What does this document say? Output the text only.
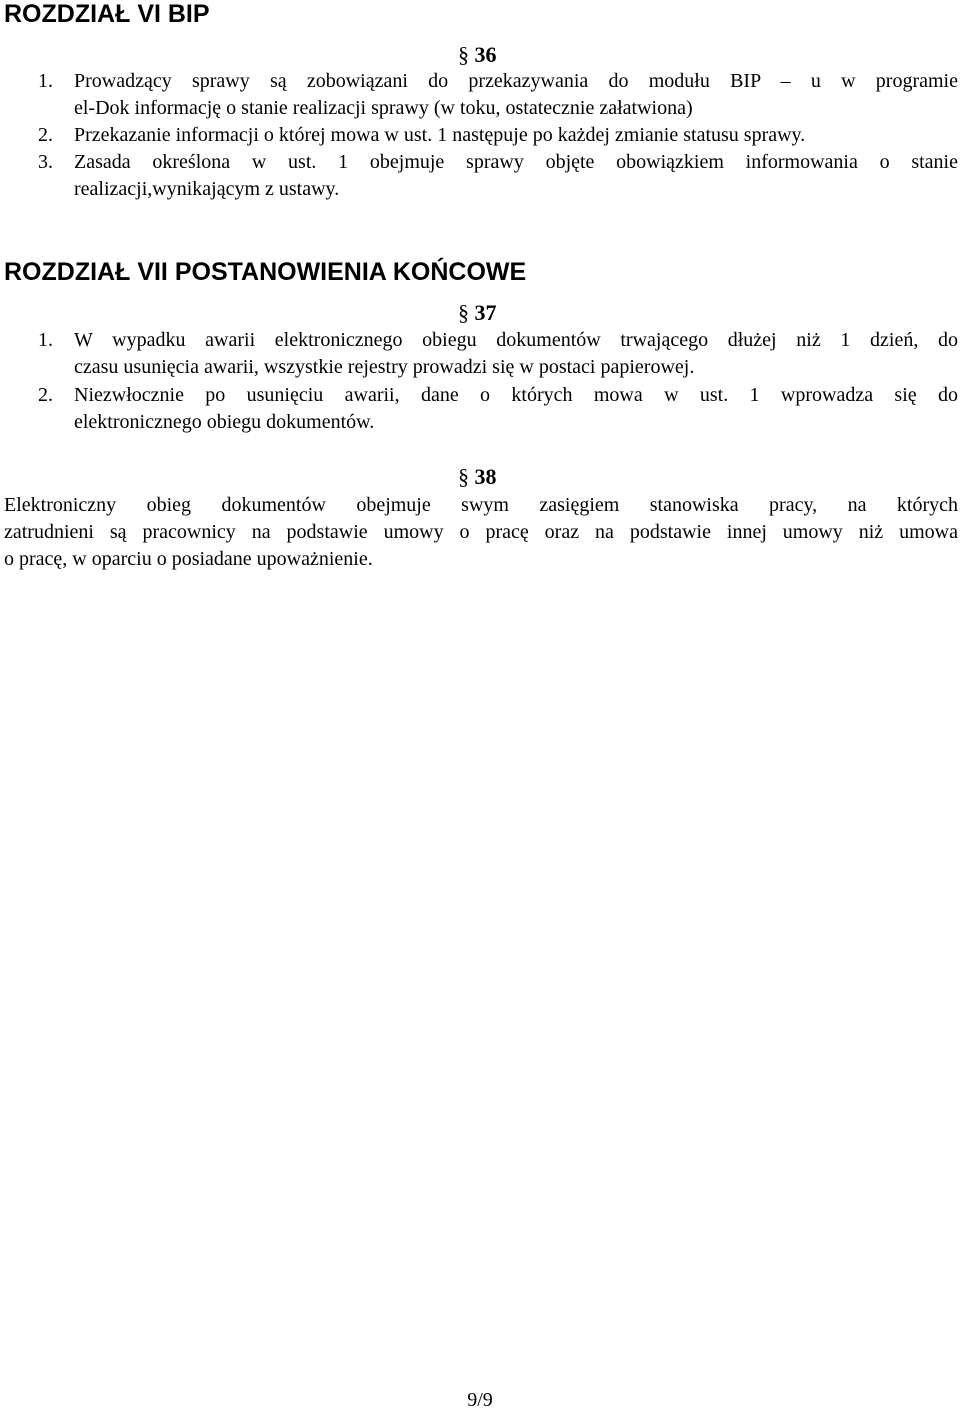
ROZDZIAŁ VI BIP
§ 36
1. Prowadzący sprawy są zobowiązani do przekazywania do modułu BIP – u w programie
el-Dok informację o stanie realizacji sprawy (w toku, ostatecznie załatwiona)
2. Przekazanie informacji o której mowa w ust. 1 następuje po każdej zmianie statusu sprawy.
3. Zasada określona w ust. 1 obejmuje sprawy objęte obowiązkiem informowania o stanie
realizacji,wynikającym z ustawy.
ROZDZIAŁ VII POSTANOWIENIA KOŃCOWE
§ 37
1. W wypadku awarii elektronicznego obiegu dokumentów trwającego dłużej niż 1 dzień, do
czasu usunięcia awarii, wszystkie rejestry prowadzi się w postaci papierowej.
2. Niezwłocznie po usunięciu awarii, dane o których mowa w ust. 1 wprowadza się do
elektronicznego obiegu dokumentów.
§ 38
Elektroniczny obieg dokumentów obejmuje swym zasięgiem stanowiska pracy, na których
zatrudnieni są pracownicy na podstawie umowy o pracę oraz na podstawie innej umowy niż umowa
o pracę, w oparciu o posiadane upoważnienie.
9/9
